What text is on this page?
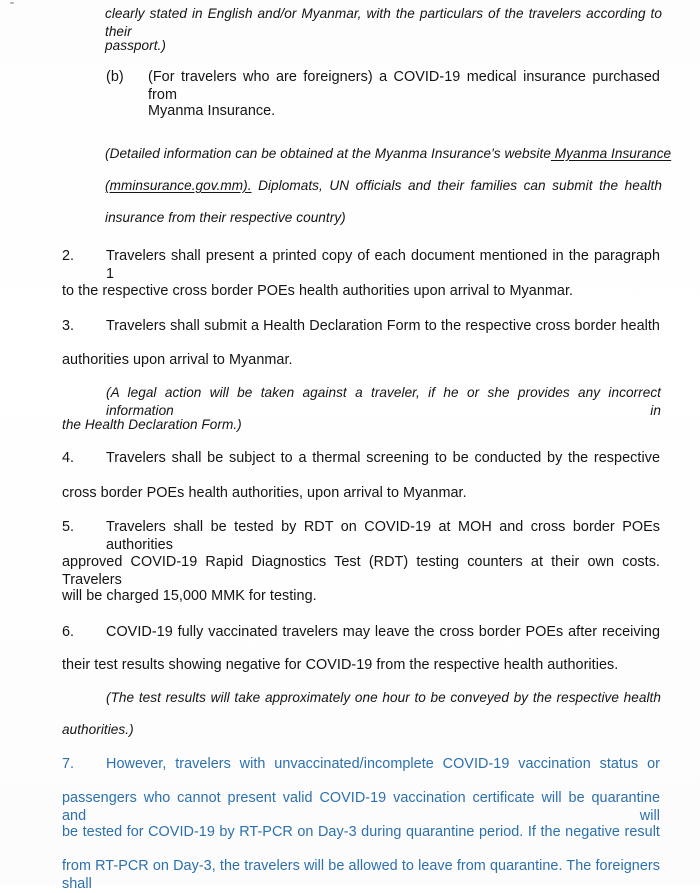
clearly stated in English and/or Myanmar, with the particulars of the travelers according to their
passport.)
(b) (For travelers who are foreigners) a COVID-19 medical insurance purchased from
Myanma Insurance.
(Detailed information can be obtained at the Myanma Insurance's website Myanma Insurance
(mminsurance.gov.mm). Diplomats, UN officials and their families can submit the health
insurance from their respective country)
2. Travelers shall present a printed copy of each document mentioned in the paragraph 1
to the respective cross border POEs health authorities upon arrival to Myanmar.
3. Travelers shall submit a Health Declaration Form to the respective cross border health
authorities upon arrival to Myanmar.
(A legal action will be taken against a traveler, if he or she provides any incorrect information in
the Health Declaration Form.)
4. Travelers shall be subject to a thermal screening to be conducted by the respective
cross border POEs health authorities, upon arrival to Myanmar.
5. Travelers shall be tested by RDT on COVID-19 at MOH and cross border POEs authorities
approved COVID-19 Rapid Diagnostics Test (RDT) testing counters at their own costs. Travelers
will be charged 15,000 MMK for testing.
6. COVID-19 fully vaccinated travelers may leave the cross border POEs after receiving
their test results showing negative for COVID-19 from the respective health authorities.
(The test results will take approximately one hour to be conveyed by the respective health
authorities.)
7. However, travelers with unvaccinated/incomplete COVID-19 vaccination status or
passengers who cannot present valid COVID-19 vaccination certificate will be quarantine and will
be tested for COVID-19 by RT-PCR on Day-3 during quarantine period. If the negative result
from RT-PCR on Day-3, the travelers will be allowed to leave from quarantine. The foreigners shall
